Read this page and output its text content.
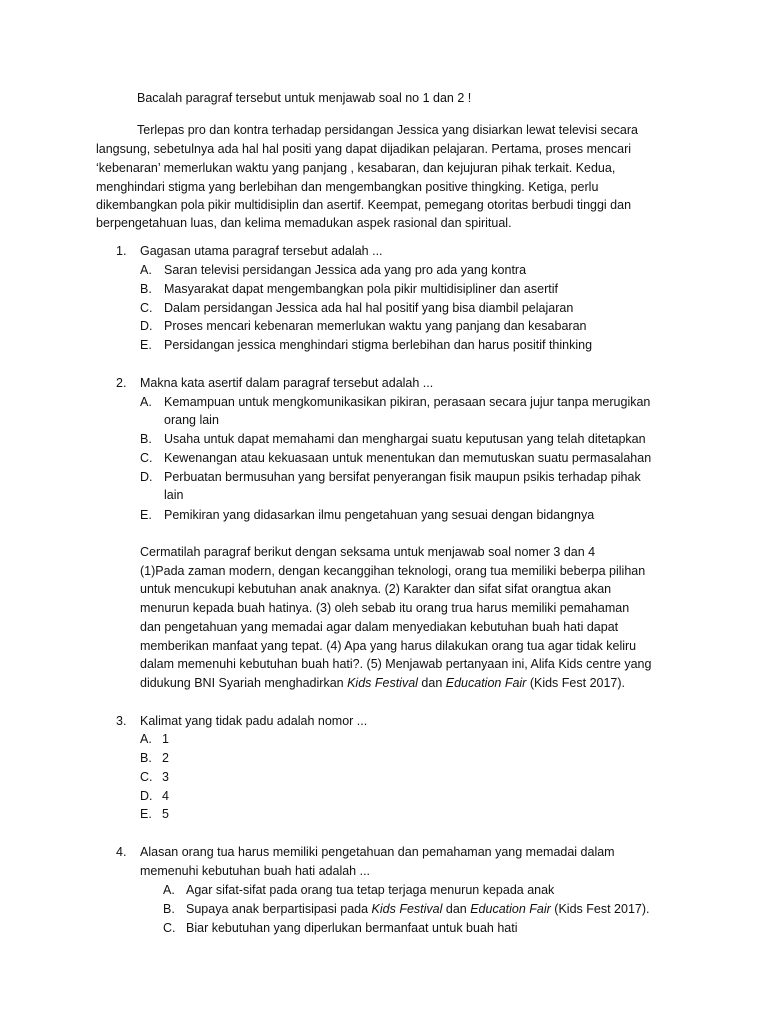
Bacalah paragraf tersebut untuk menjawab soal no 1 dan 2 !
Terlepas pro dan kontra terhadap persidangan Jessica yang disiarkan lewat televisi secara
langsung, sebetulnya ada hal hal positi yang dapat dijadikan pelajaran. Pertama, proses mencari
‘kebenaran’ memerlukan waktu yang panjang , kesabaran, dan kejujuran pihak terkait. Kedua,
menghindari stigma yang berlebihan dan mengembangkan positive thingking. Ketiga, perlu
dikembangkan pola pikir multidisiplin dan asertif. Keempat, pemegang otoritas berbudi tinggi dan
berpengetahuan luas, dan kelima memadukan aspek rasional dan spiritual.
1. Gagasan utama paragraf tersebut adalah ...
A. Saran televisi persidangan Jessica ada yang pro ada yang kontra
B. Masyarakat dapat mengembangkan pola pikir multidisipliner dan asertif
C. Dalam persidangan Jessica ada hal hal positif yang bisa diambil pelajaran
D. Proses mencari kebenaran memerlukan waktu yang panjang dan kesabaran
E. Persidangan jessica menghindari stigma berlebihan dan harus positif thinking
2. Makna kata asertif dalam paragraf tersebut adalah ...
A. Kemampuan untuk mengkomunikasikan pikiran, perasaan secara jujur tanpa merugikan
orang lain
B. Usaha untuk dapat memahami dan menghargai suatu keputusan yang telah ditetapkan
C. Kewenangan atau kekuasaan untuk menentukan dan memutuskan suatu permasalahan
D. Perbuatan bermusuhan yang bersifat penyerangan fisik maupun psikis terhadap pihak
lain
E. Pemikiran yang didasarkan ilmu pengetahuan yang sesuai dengan bidangnya
Cermatilah paragraf berikut dengan seksama untuk menjawab soal nomer 3 dan 4
(1)Pada zaman modern, dengan kecanggihan teknologi, orang tua memiliki beberpa pilihan
untuk mencukupi kebutuhan anak anaknya. (2) Karakter dan sifat sifat orangtua akan
menurun kepada buah hatinya. (3) oleh sebab itu orang trua harus memiliki pemahaman
dan pengetahuan yang memadai agar dalam menyediakan kebutuhan buah hati dapat
memberikan manfaat yang tepat. (4) Apa yang harus dilakukan orang tua agar tidak keliru
dalam memenuhi kebutuhan buah hati?. (5) Menjawab pertanyaan ini, Alifa Kids centre yang
didukung BNI Syariah menghadirkan Kids Festival dan Education Fair (Kids Fest 2017).
3. Kalimat yang tidak padu adalah nomor ...
A. 1
B. 2
C. 3
D. 4
E. 5
4. Alasan orang tua harus memiliki pengetahuan dan pemahaman yang memadai dalam
memenuhi kebutuhan buah hati adalah ...
A. Agar sifat-sifat pada orang tua tetap terjaga menurun kepada anak
B. Supaya anak berpartisipasi pada Kids Festival dan Education Fair (Kids Fest 2017).
C. Biar kebutuhan yang diperlukan bermanfaat untuk buah hati
